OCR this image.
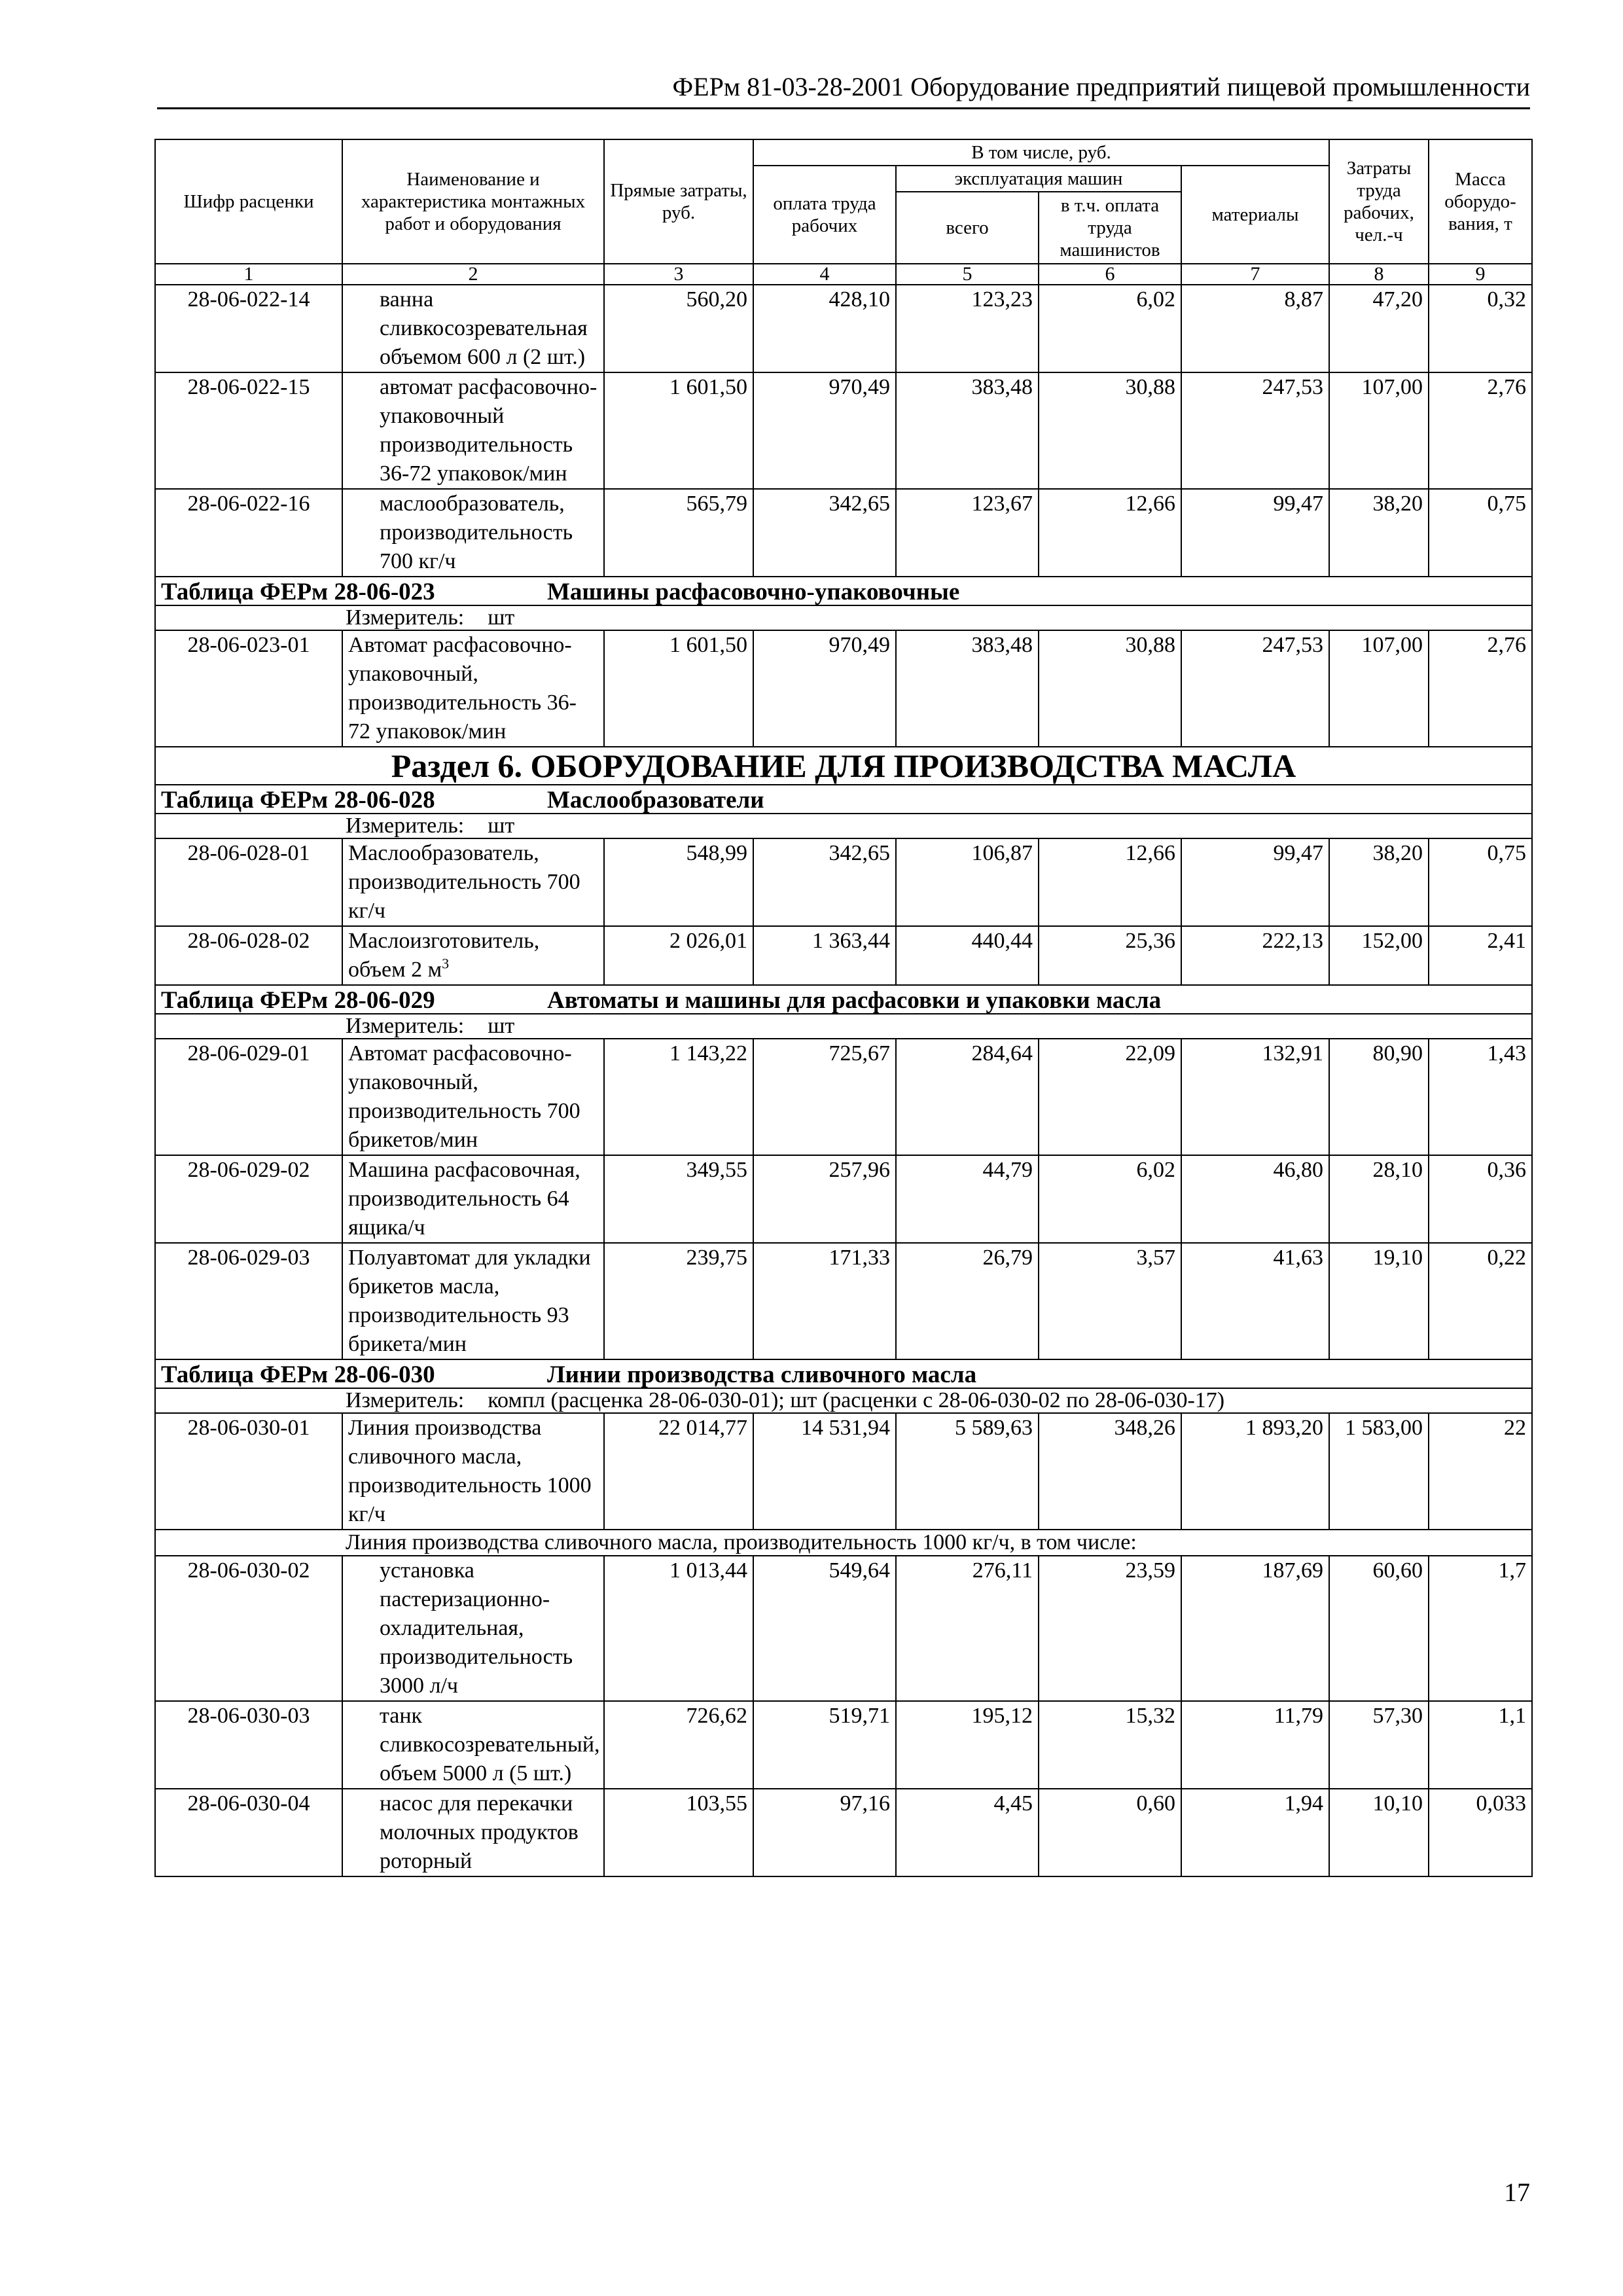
ФЕРм 81-03-28-2001 Оборудование предприятий пищевой промышленности
Шифр расценки	Наименование и характеристика монтажных работ и оборудования	Прямые затраты, руб.	В том числе, руб.				Затраты труда рабочих, чел.-ч	Масса оборудо-вания, т
			оплата труда рабочих	эксплуатация машин		материалы		
				всего	в т.ч. оплата труда машинистов			
1	2	3	4	5	6	7	8	9
28-06-022-14	ванна сливкосозревательная объемом 600 л (2 шт.)	560,20	428,10	123,23	6,02	8,87	47,20	0,32
28-06-022-15	автомат расфасовочно-упаковочный производительность 36-72 упаковок/мин	1 601,50	970,49	383,48	30,88	247,53	107,00	2,76
28-06-022-16	маслообразователь, производительность 700 кг/ч	565,79	342,65	123,67	12,66	99,47	38,20	0,75
Таблица ФЕРм 28-06-023 Машины расфасовочно-упаковочные								
Измеритель: шт								
28-06-023-01	Автомат расфасовочно-упаковочный, производительность 36-72 упаковок/мин	1 601,50	970,49	383,48	30,88	247,53	107,00	2,76
Раздел 6. ОБОРУДОВАНИЕ ДЛЯ ПРОИЗВОДСТВА МАСЛА								
Таблица ФЕРм 28-06-028 Маслообразователи								
Измеритель: шт								
28-06-028-01	Маслообразователь, производительность 700 кг/ч	548,99	342,65	106,87	12,66	99,47	38,20	0,75
28-06-028-02	Маслоизготовитель, объем 2 $м^3$	2 026,01	1 363,44	440,44	25,36	222,13	152,00	2,41
Таблица ФЕРм 28-06-029 Автоматы и машины для расфасовки и упаковки масла								
Измеритель: шт								
28-06-029-01	Автомат расфасовочно-упаковочный, производительность 700 брикетов/мин	1 143,22	725,67	284,64	22,09	132,91	80,90	1,43
28-06-029-02	Машина расфасовочная, производительность 64 ящика/ч	349,55	257,96	44,79	6,02	46,80	28,10	0,36
28-06-029-03	Полуавтомат для укладки брикетов масла, производительность 93 брикета/мин	239,75	171,33	26,79	3,57	41,63	19,10	0,22
Таблица ФЕРм 28-06-030 Линии производства сливочного масла								
Измеритель: компл (расценка 28-06-030-01); шт (расценки с 28-06-030-02 по 28-06-030-17)								
28-06-030-01	Линия производства сливочного масла, производительность 1000 кг/ч	22 014,77	14 531,94	5 589,63	348,26	1 893,20	1 583,00	22
Линия производства сливочного масла, производительность 1000 кг/ч, в том числе:								
28-06-030-02	установка пастеризационно-охладительная, производительность 3000 л/ч	1 013,44	549,64	276,11	23,59	187,69	60,60	1,7
28-06-030-03	танк сливкосозревательный, объем 5000 л (5 шт.)	726,62	519,71	195,12	15,32	11,79	57,30	1,1
28-06-030-04	насос для перекачки молочных продуктов роторный	103,55	97,16	4,45	0,60	1,94	10,10	0,033
17
